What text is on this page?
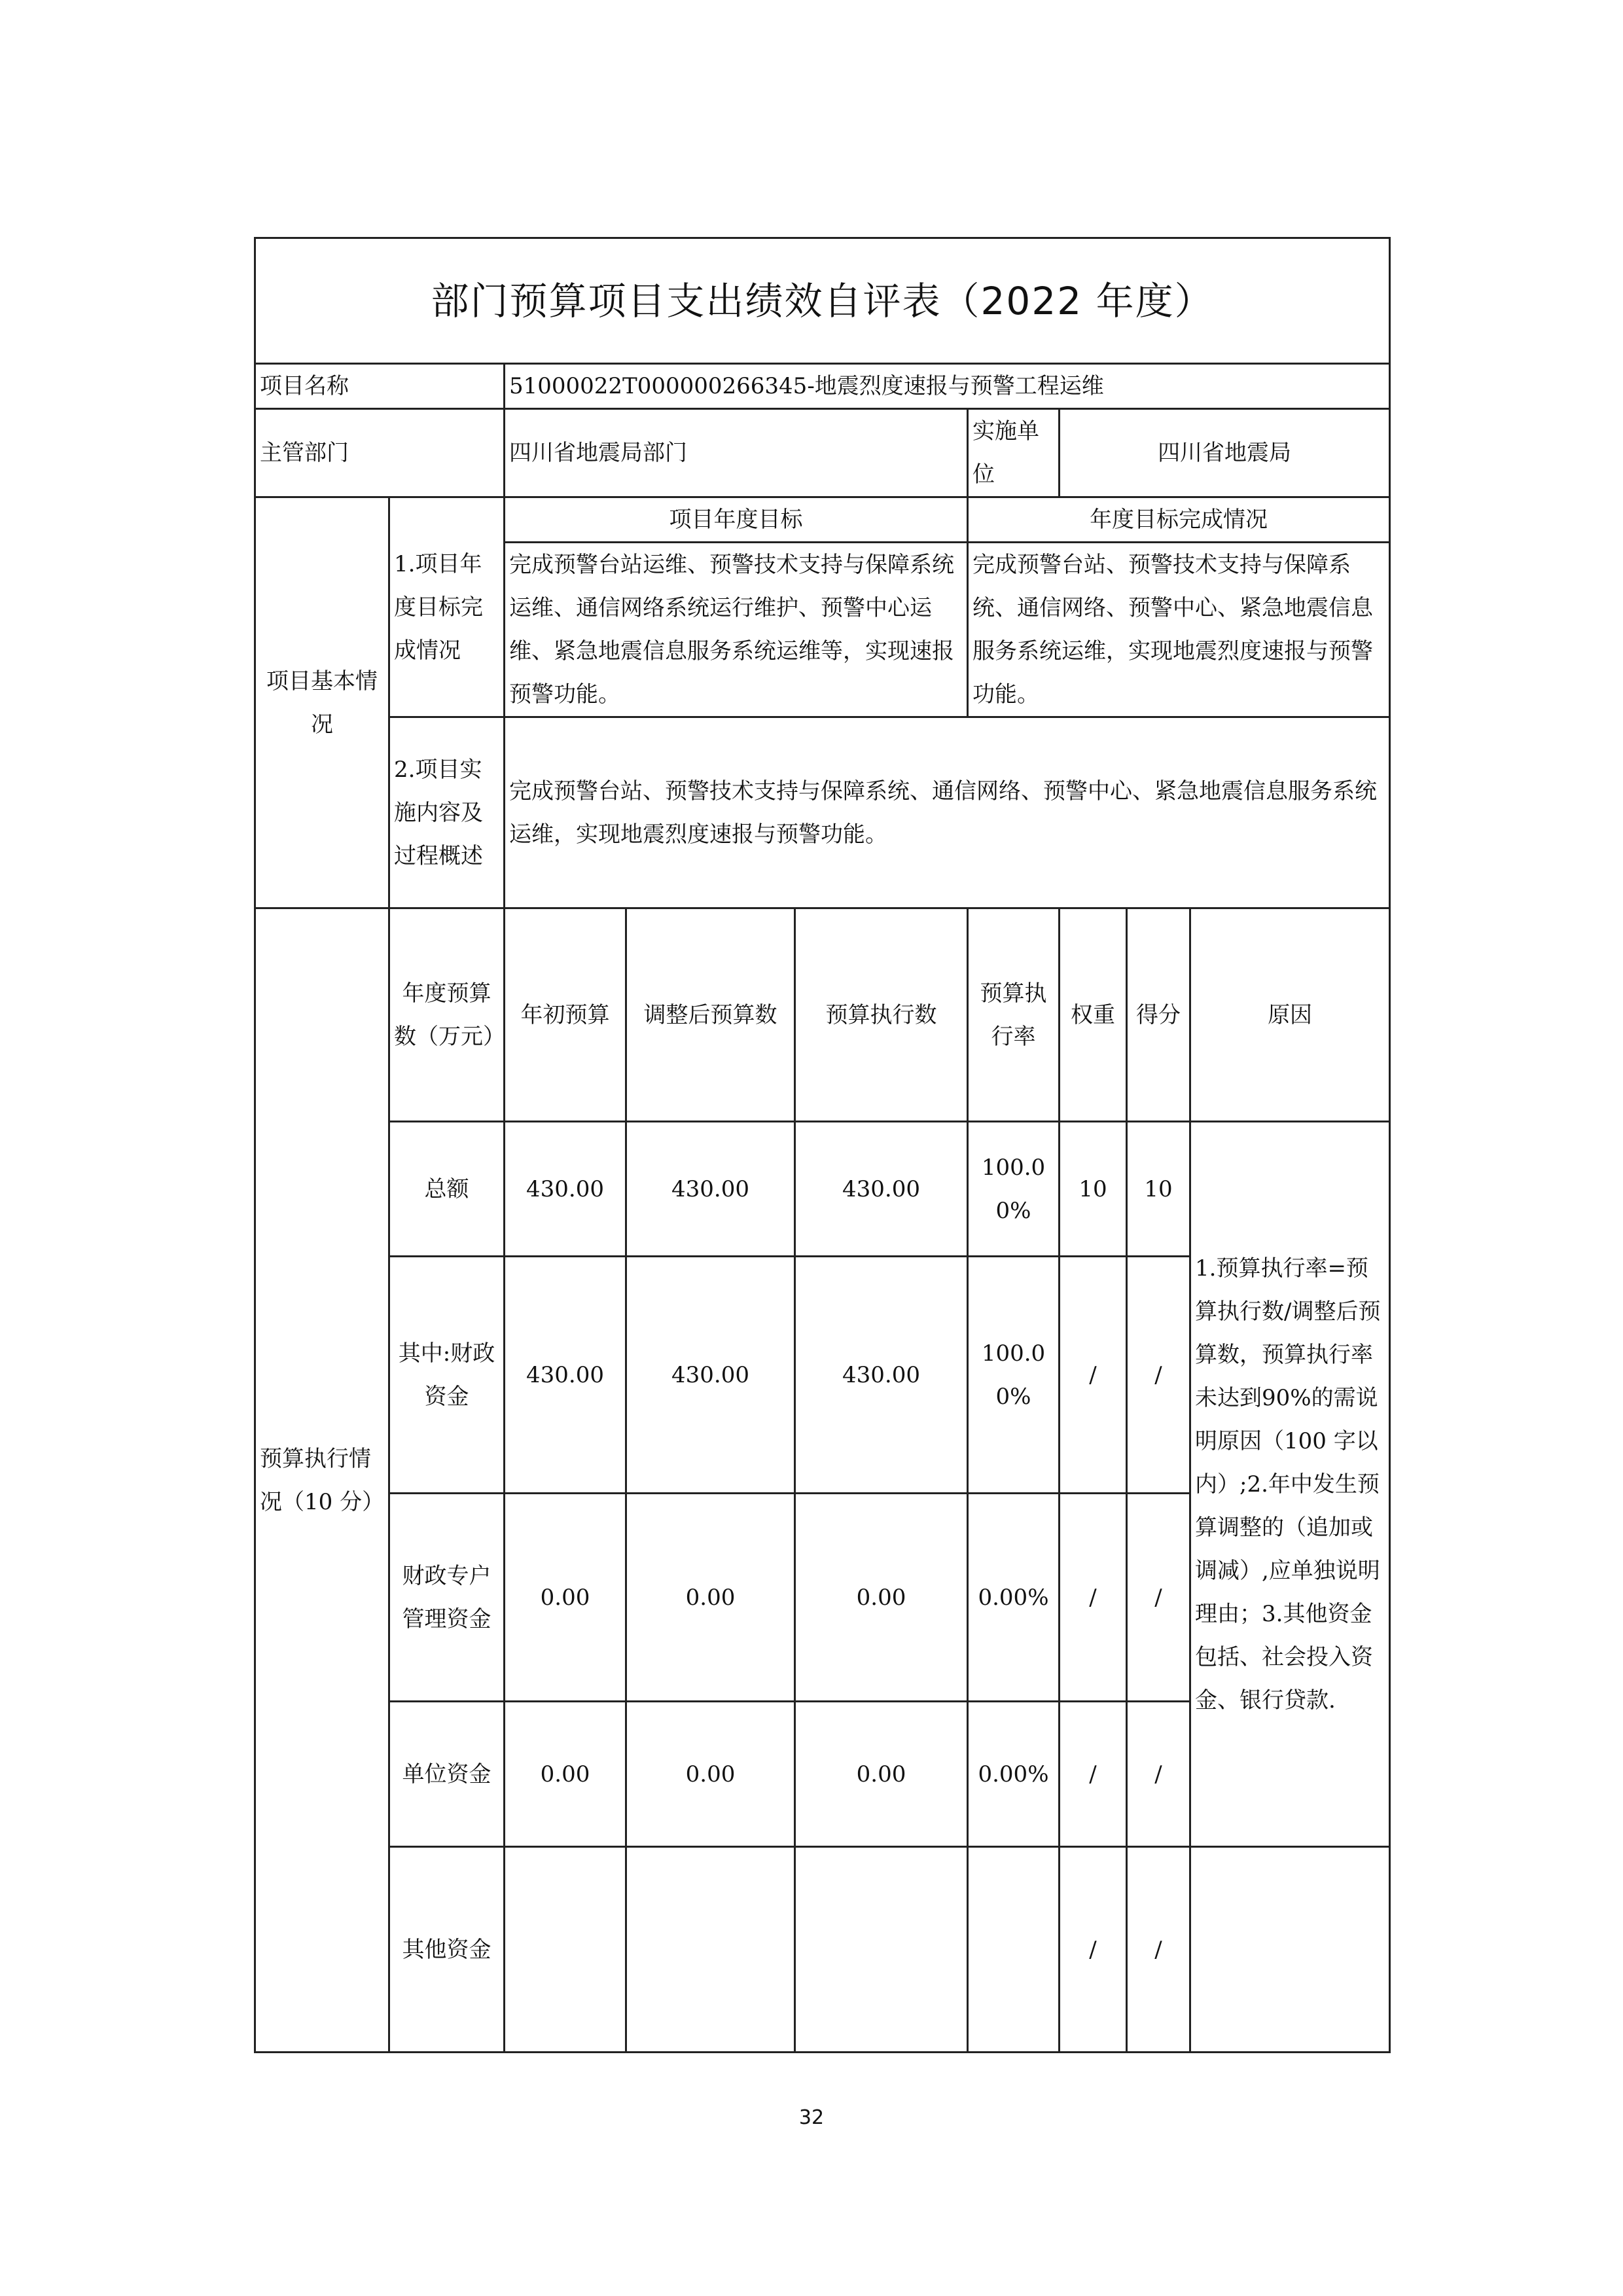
部门预算项目支出绩效自评表（2022 年度）								
项目名称		51000022T000000266345-地震烈度速报与预警工程运维						
主管部门		四川省地震局部门			实施单位	四川省地震局		
项目基本情况	1.项目年度目标完成情况	项目年度目标			年度目标完成情况			
		完成预警台站运维、预警技术支持与保障系统运维、通信网络系统运行维护、预警中心运维、紧急地震信息服务系统运维等，实现速报预警功能。			完成预警台站、预警技术支持与保障系统、通信网络、预警中心、紧急地震信息服务系统运维，实现地震烈度速报与预警功能。			
	2.项目实施内容及过程概述	完成预警台站、预警技术支持与保障系统、通信网络、预警中心、紧急地震信息服务系统运维，实现地震烈度速报与预警功能。						
预算执行情况（10 分）	年度预算数（万元）	年初预算	调整后预算数	预算执行数	预算执行率	权重	得分	原因
	总额	430.00	430.00	430.00	100.00%	10	10	1.预算执行率=预算执行数/调整后预算数，预算执行率未达到90%的需说明原因（100 字以内）;2.年中发生预算调整的（追加或调减）,应单独说明理由；3.其他资金包括、社会投入资金、银行贷款.
	其中:财政资金	430.00	430.00	430.00	100.00%	/	/	
	财政专户管理资金	0.00	0.00	0.00	0.00%	/	/	
	单位资金	0.00	0.00	0.00	0.00%	/	/	
	其他资金					/	/	
32
